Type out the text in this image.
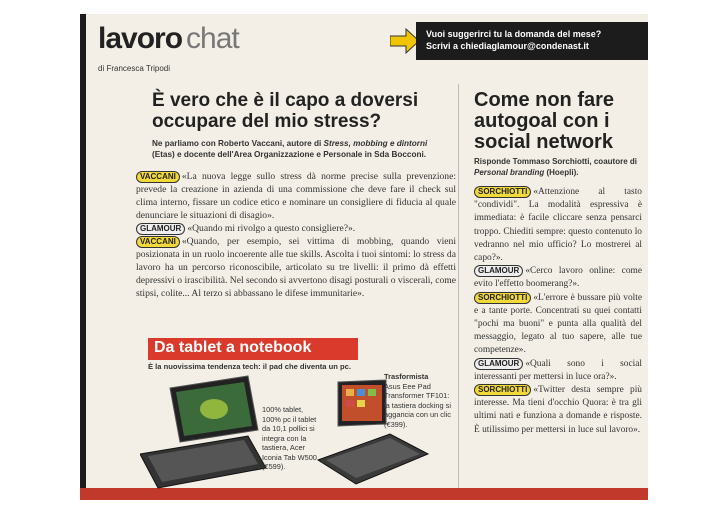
lavoro chat
di Francesca Tripodi
Vuoi suggerirci tu la domanda del mese?
Scrivi a chiediaglamour@condenast.it
È vero che è il capo a doversi occupare del mio stress?
Ne parliamo con Roberto Vaccani, autore di Stress, mobbing e dintorni (Etas) e docente dell'Area Organizzazione e Personale in Sda Bocconi.
VACCANI «La nuova legge sullo stress dà norme precise sulla prevenzione: prevede la creazione in azienda di una commissione che deve fare il check sul clima interno, fissare un codice etico e nominare un consigliere di fiducia al quale denunciare le situazioni di disagio».
GLAMOUR «Quando mi rivolgo a questo consigliere?».
VACCANI «Quando, per esempio, sei vittima di mobbing, quando vieni posizionata in un ruolo incoerente alle tue skills. Ascolta i tuoi sintomi: lo stress da lavoro ha un percorso riconoscibile, articolato su tre livelli: il primo dà effetti depressivi o irascibilità. Nel secondo si avvertono disagi posturali o viscerali, come stipsi, colite... Al terzo si abbassano le difese immunitarie».
Come non fare autogoal con i social network
Risponde Tommaso Sorchiotti, coautore di Personal branding (Hoepli).
SORCHIOTTI «Attenzione al tasto "condividi". La modalità espressiva è immediata: è facile cliccare senza pensarci troppo. Chiediti sempre: questo contenuto lo vedranno nel mio ufficio? Lo mostrerei al capo?».
GLAMOUR «Cerco lavoro online: come evito l'effetto boomerang?».
SORCHIOTTI «L'errore è bussare più volte e a tante porte. Concentrati su quei contatti "pochi ma buoni" e punta alla qualità del messaggio, legato al tuo sapere, alle tue competenze».
GLAMOUR «Quali sono i social interessanti per mettersi in luce ora?».
SORCHIOTTI «Twitter desta sempre più interesse. Ma tieni d'occhio Quora: è tra gli ultimi nati e funziona a domande e risposte. È utilissimo per mettersi in luce sul lavoro».
Da tablet a notebook
È la nuovissima tendenza tech: il pad che diventa un pc.
100% tablet, 100% pc il tablet da 10,1 pollici si integra con la tastiera, Acer Iconia Tab W500 (€599).
Trasformista
Asus Eee Pad Transformer TF101: la tastiera docking si aggancia con un clic (€399).
